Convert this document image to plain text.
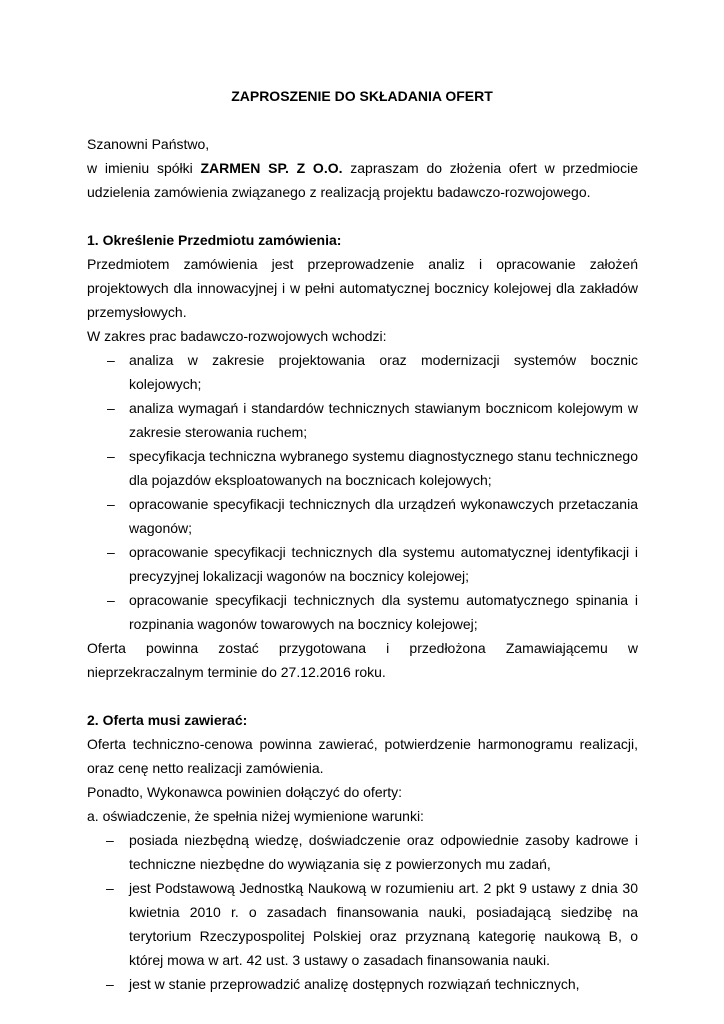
ZAPROSZENIE DO SKŁADANIA OFERT

Szanowni Państwo,

w imieniu spółki ZARMEN SP. Z O.O. zapraszam do złożenia ofert w przedmiocie udzielenia zamówienia związanego z realizacją projektu badawczo-rozwojowego.

1. Określenie Przedmiotu zamówienia:

Przedmiotem zamówienia jest przeprowadzenie analiz i opracowanie założeń projektowych dla innowacyjnej i w pełni automatycznej bocznicy kolejowej dla zakładów przemysłowych.

W zakres prac badawczo-rozwojowych wchodzi:

– analiza w zakresie projektowania oraz modernizacji systemów bocznic kolejowych;
– analiza wymagań i standardów technicznych stawianym bocznicom kolejowym w zakresie sterowania ruchem;
– specyfikacja techniczna wybranego systemu diagnostycznego stanu technicznego dla pojazdów eksploatowanych na bocznicach kolejowych;
– opracowanie specyfikacji technicznych dla urządzeń wykonawczych przetaczania wagonów;
– opracowanie specyfikacji technicznych dla systemu automatycznej identyfikacji i precyzyjnej lokalizacji wagonów na bocznicy kolejowej;
– opracowanie specyfikacji technicznych dla systemu automatycznego spinania i rozpinania wagonów towarowych na bocznicy kolejowej;

Oferta powinna zostać przygotowana i przedłożona Zamawiającemu w nieprzekraczalnym terminie do 27.12.2016 roku.

2. Oferta musi zawierać:

Oferta techniczno-cenowa powinna zawierać, potwierdzenie harmonogramu realizacji, oraz cenę netto realizacji zamówienia.

Ponadto, Wykonawca powinien dołączyć do oferty:

a. oświadczenie, że spełnia niżej wymienione warunki:

– posiada niezbędną wiedzę, doświadczenie oraz odpowiednie zasoby kadrowe i techniczne niezbędne do wywiązania się z powierzonych mu zadań,
– jest Podstawową Jednostką Naukową w rozumieniu art. 2 pkt 9 ustawy z dnia 30 kwietnia 2010 r. o zasadach finansowania nauki, posiadającą siedzibę na terytorium Rzeczypospolitej Polskiej oraz przyznaną kategorię naukową B, o której mowa w art. 42 ust. 3 ustawy o zasadach finansowania nauki.
– jest w stanie przeprowadzić analizę dostępnych rozwiązań technicznych,
